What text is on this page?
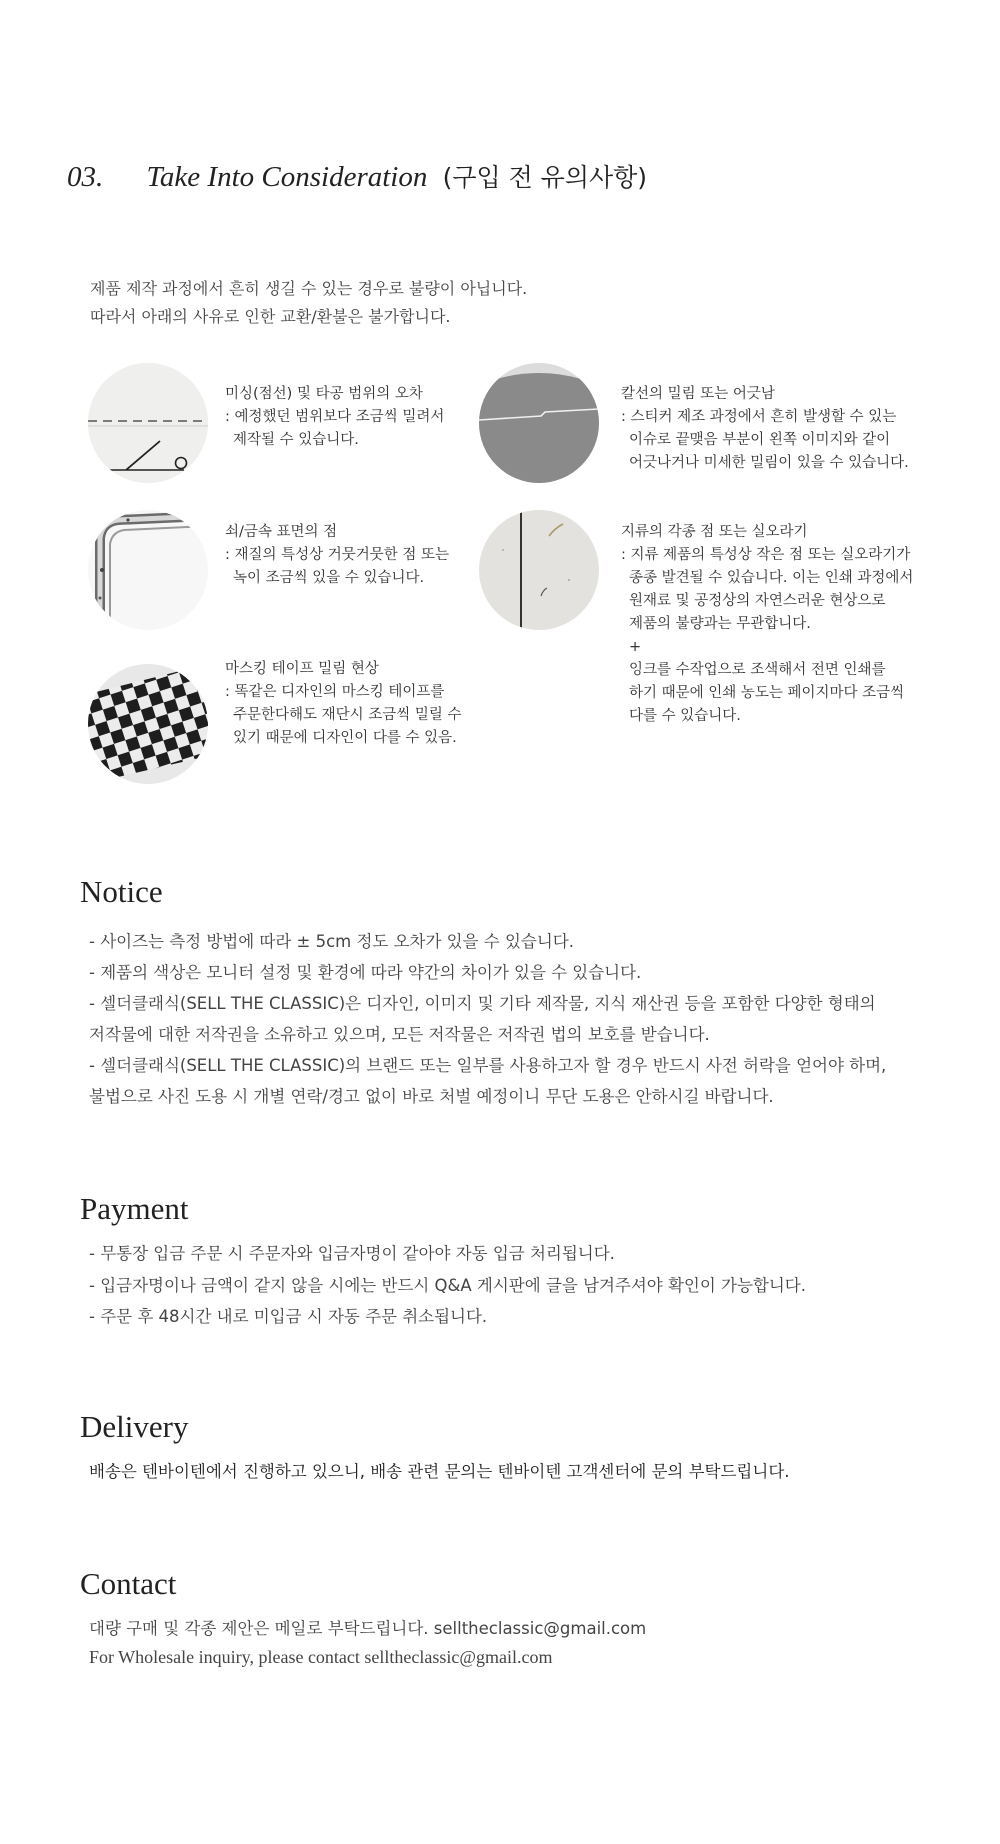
03. Take Into Consideration (구입 전 유의사항)
제품 제작 과정에서 흔히 생길 수 있는 경우로 불량이 아닙니다.
따라서 아래의 사유로 인한 교환/환불은 불가합니다.
미싱(점선) 및 타공 범위의 오차
: 예정했던 범위보다 조금씩 밀려서
제작될 수 있습니다.
칼선의 밀림 또는 어긋남
: 스티커 제조 과정에서 흔히 발생할 수 있는
이슈로 끝맺음 부분이 왼쪽 이미지와 같이
어긋나거나 미세한 밀림이 있을 수 있습니다.
쇠/금속 표면의 점
: 재질의 특성상 거뭇거뭇한 점 또는
녹이 조금씩 있을 수 있습니다.
지류의 각종 점 또는 실오라기
: 지류 제품의 특성상 작은 점 또는 실오라기가
종종 발견될 수 있습니다. 이는 인쇄 과정에서
원재료 및 공정상의 자연스러운 현상으로
제품의 불량과는 무관합니다.
+
잉크를 수작업으로 조색해서 전면 인쇄를
하기 때문에 인쇄 농도는 페이지마다 조금씩
다를 수 있습니다.
마스킹 테이프 밀림 현상
: 똑같은 디자인의 마스킹 테이프를
주문한다해도 재단시 조금씩 밀릴 수
있기 때문에 디자인이 다를 수 있음.
Notice
- 사이즈는 측정 방법에 따라 ± 5cm 정도 오차가 있을 수 있습니다.
- 제품의 색상은 모니터 설정 및 환경에 따라 약간의 차이가 있을 수 있습니다.
- 셀더클래식(SELL THE CLASSIC)은 디자인, 이미지 및 기타 제작물, 지식 재산권 등을 포함한 다양한 형태의
저작물에 대한 저작권을 소유하고 있으며, 모든 저작물은 저작권 법의 보호를 받습니다.
- 셀더클래식(SELL THE CLASSIC)의 브랜드 또는 일부를 사용하고자 할 경우 반드시 사전 허락을 얻어야 하며,
불법으로 사진 도용 시 개별 연락/경고 없이 바로 처벌 예정이니 무단 도용은 안하시길 바랍니다.
Payment
- 무통장 입금 주문 시 주문자와 입금자명이 같아야 자동 입금 처리됩니다.
- 입금자명이나 금액이 같지 않을 시에는 반드시 Q&A 게시판에 글을 남겨주셔야 확인이 가능합니다.
- 주문 후 48시간 내로 미입금 시 자동 주문 취소됩니다.
Delivery
배송은 텐바이텐에서 진행하고 있으니, 배송 관련 문의는 텐바이텐 고객센터에 문의 부탁드립니다.
Contact
대량 구매 및 각종 제안은 메일로 부탁드립니다. selltheclassic@gmail.com
For Wholesale inquiry, please contact selltheclassic@gmail.com
